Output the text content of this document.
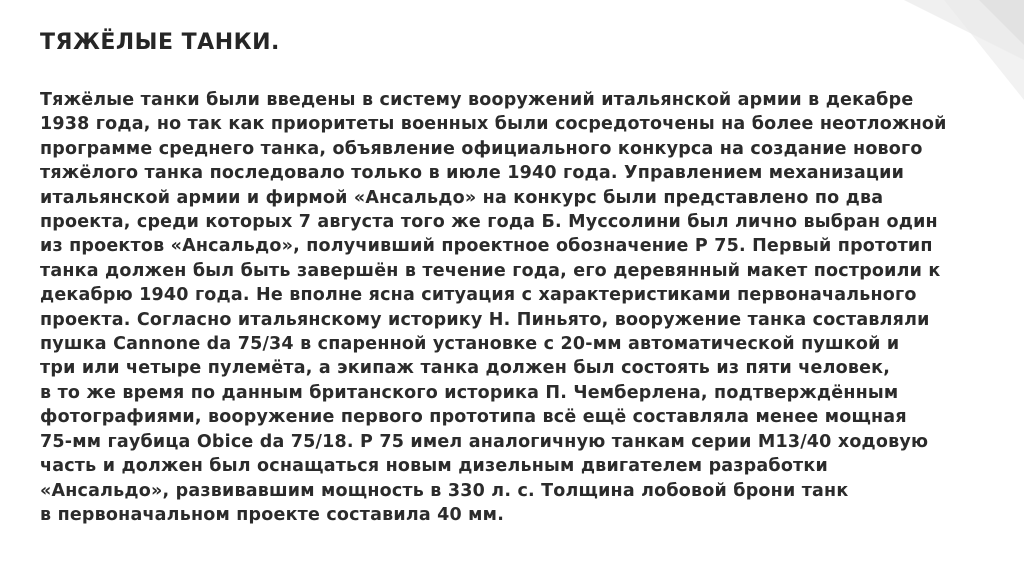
ТЯЖЁЛЫЕ ТАНКИ.

Тяжёлые танки были введены в систему вооружений итальянской армии в декабре
1938 года, но так как приоритеты военных были сосредоточены на более неотложной
программе среднего танка, объявление официального конкурса на создание нового
тяжёлого танка последовало только в июле 1940 года. Управлением механизации
итальянской армии и фирмой «Ансальдо» на конкурс были представлено по два
проекта, среди которых 7 августа того же года Б. Муссолини был лично выбран один
из проектов «Ансальдо», получивший проектное обозначение P 75. Первый прототип
танка должен был быть завершён в течение года, его деревянный макет построили к
декабрю 1940 года. Не вполне ясна ситуация с характеристиками первоначального
проекта. Согласно итальянскому историку Н. Пиньято, вооружение танка составляли
пушка Cannone da 75/34 в спаренной установке с 20-мм автоматической пушкой и
три или четыре пулемёта, а экипаж танка должен был состоять из пяти человек,
в то же время по данным британского историка П. Чемберлена, подтверждённым
фотографиями, вооружение первого прототипа всё ещё составляла менее мощная
75-мм гаубица Obice da 75/18. P 75 имел аналогичную танкам серии M13/40 ходовую
часть и должен был оснащаться новым дизельным двигателем разработки
«Ансальдо», развивавшим мощность в 330 л. с. Толщина лобовой брони танк
в первоначальном проекте составила 40 мм.
